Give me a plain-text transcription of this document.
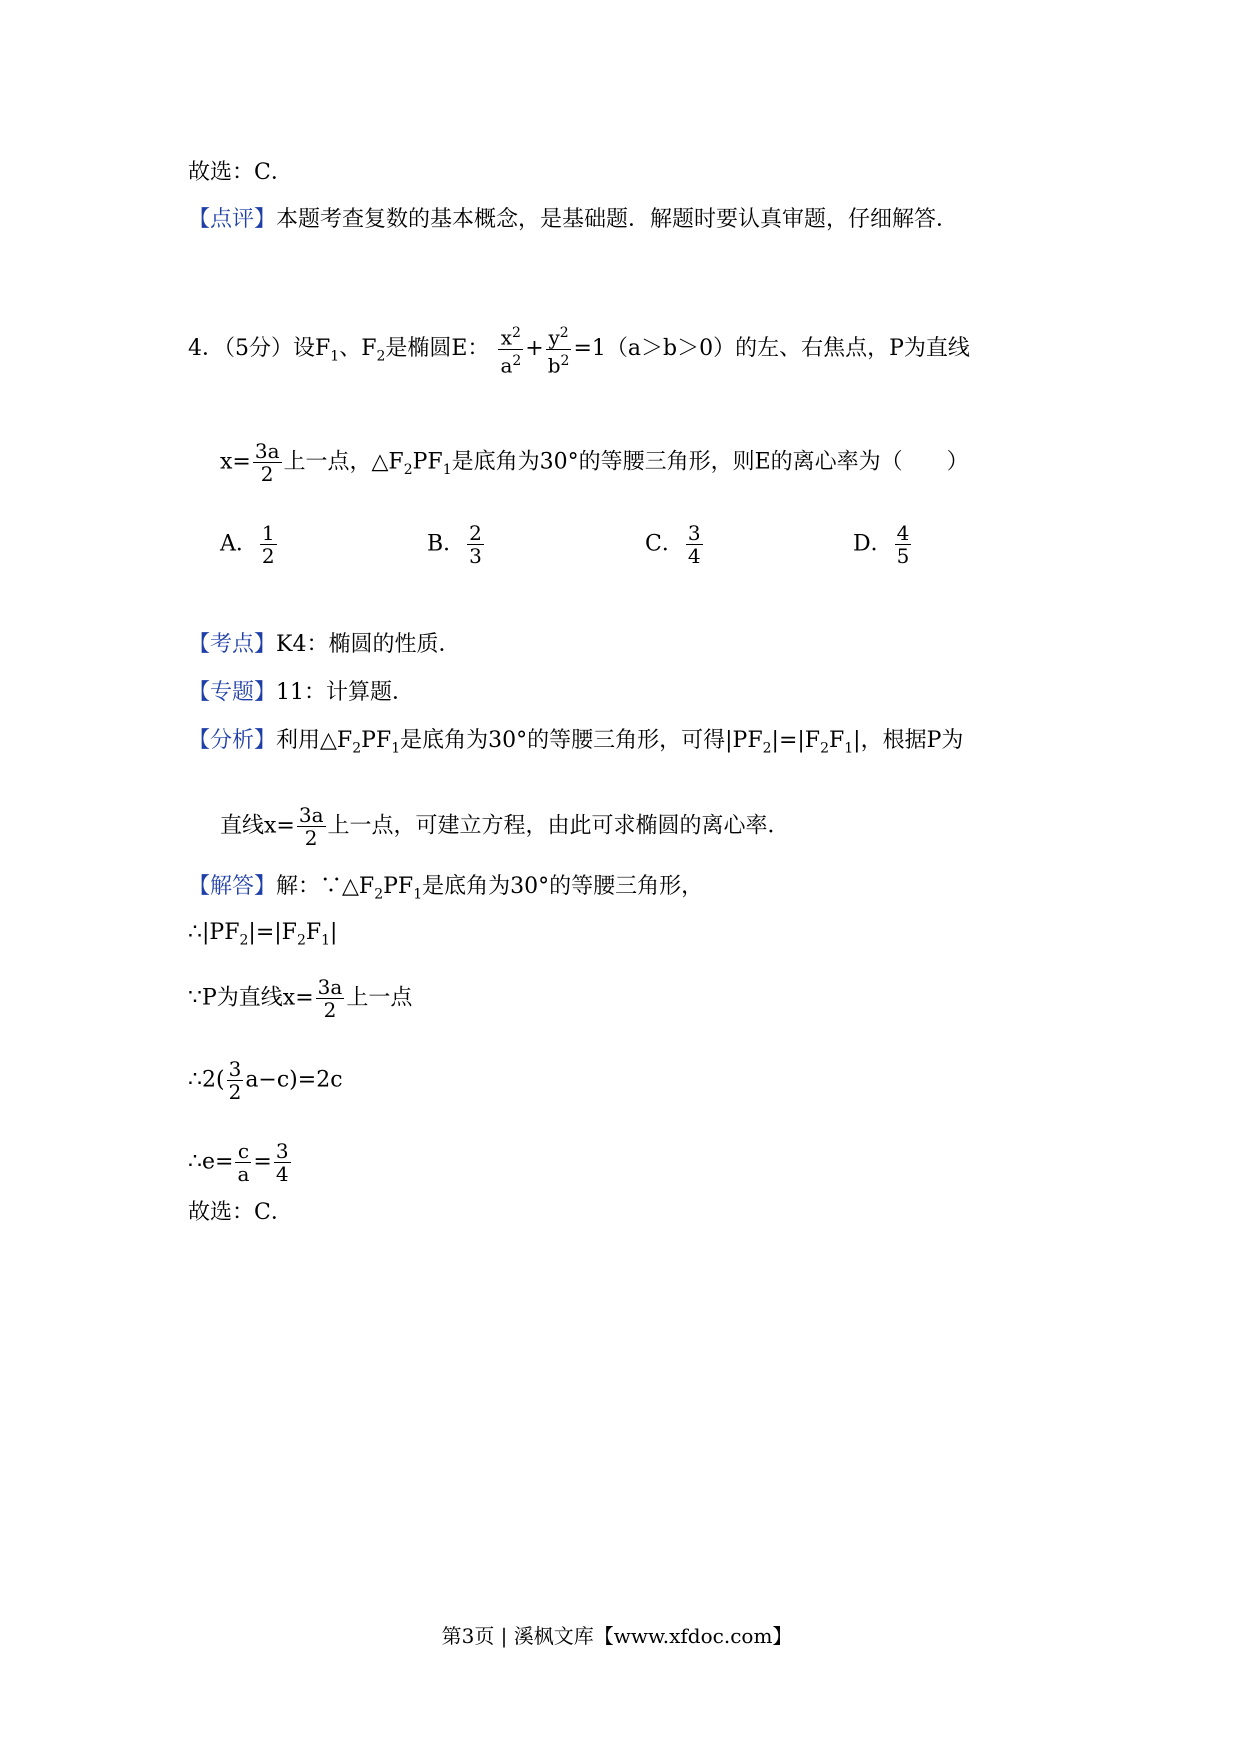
故选：C．
【点评】本题考查复数的基本概念，是基础题．解题时要认真审题，仔细解答．
4．（5分）设$F_1$、$F_2$是椭圆E： $\frac{x^2}{a^2} + \frac{y^2}{b^2} =1(a>b>0)$的左、右焦点，P为直线
$x= \frac{3a}{2}$ 上一点，$\triangle F_2PF_1$是底角为30°的等腰三角形，则E的离心率为（　　）
A． $\frac{1}{2}$	B． $\frac{2}{3}$	C． $\frac{3}{4}$	D． $\frac{4}{5}$
【考点】K4：椭圆的性质．
【专题】11：计算题．
【分析】利用$\triangle F_2PF_1$是底角为30°的等腰三角形，可得$|PF_2|=|F_2F_1|$，根据P为
直线$x= \frac{3a}{2}$ 上一点，可建立方程，由此可求椭圆的离心率．
【解答】解：$\because\triangle F_2PF_1$是底角为30°的等腰三角形，
$\therefore|PF_2|=|F_2F_1|$
∵P为直线$x= \frac{3a}{2}$ 上一点
∴2( $\frac{3}{2} a-c)=2c$
∴e= $\frac{c}{a} = \frac{3}{4}$
故选：C．
第3页 | 溪枫文库【www.xfdoc.com】
